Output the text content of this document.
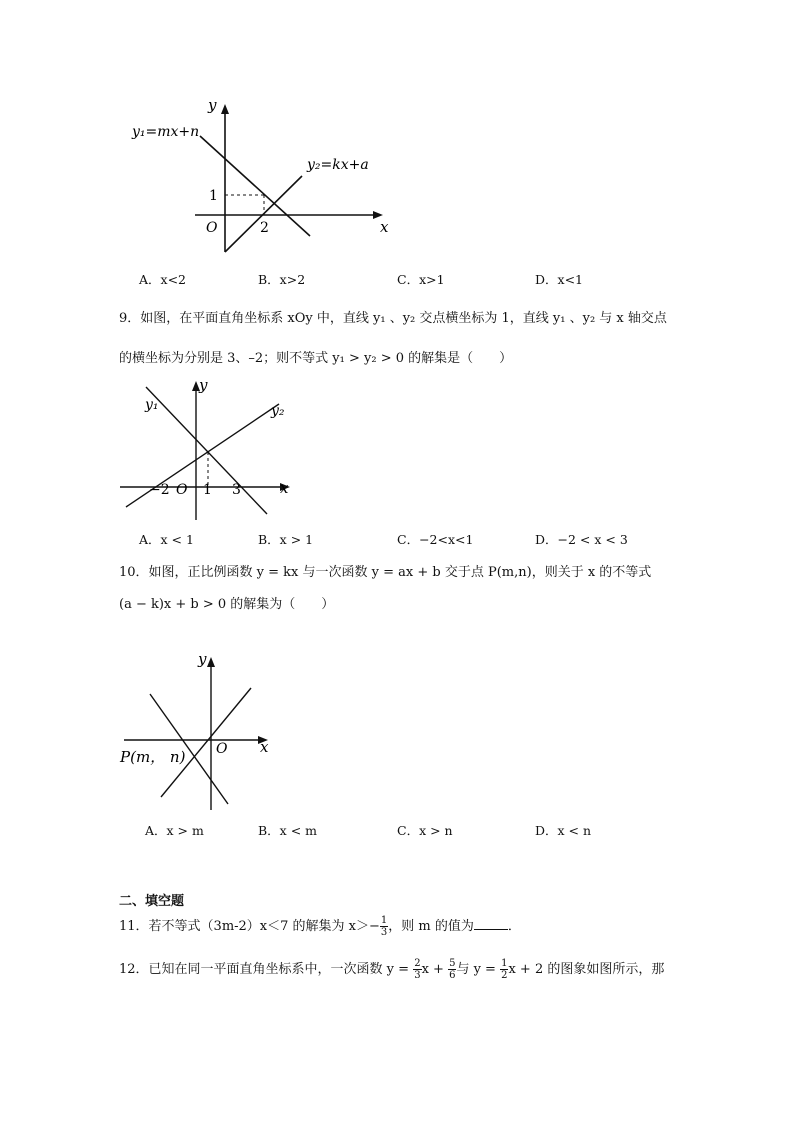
y
x
O
y₁=mx+n
y₂=kx+a
1
2
A．x<2	B．x>2	C．x>1	D．x<1
9．如图，在平面直角坐标系 xOy 中，直线 y₁ 、y₂ 交点横坐标为 1，直线 y₁ 、y₂ 与 x 轴交点
的横坐标为分别是 3、–2；则不等式 y₁ > y₂ > 0 的解集是（　　）
y
x
O
y₁	y₂
−2 1 3
A．x < 1	B．x > 1	C．−2<x<1	D．−2 < x < 3
10．如图，正比例函数 y = kx 与一次函数 y = ax + b 交于点 P(m,n)，则关于 x 的不等式
(a − k)x + b > 0 的解集为（　　）
y
x
O
P(m， n)
A．x > m	B．x < m	C．x > n	D．x < n
二、填空题
11．若不等式（3m-2）x＜7 的解集为 $x>- \frac{1}{3}$ ，则 m 的值为	．
12．已知在同一平面直角坐标系中，一次函数 $y = \frac{2}{3}$ $x + \frac{5}{6}$ 与 $y = \frac{1}{2}$ x + 2 的图象如图所示，那
